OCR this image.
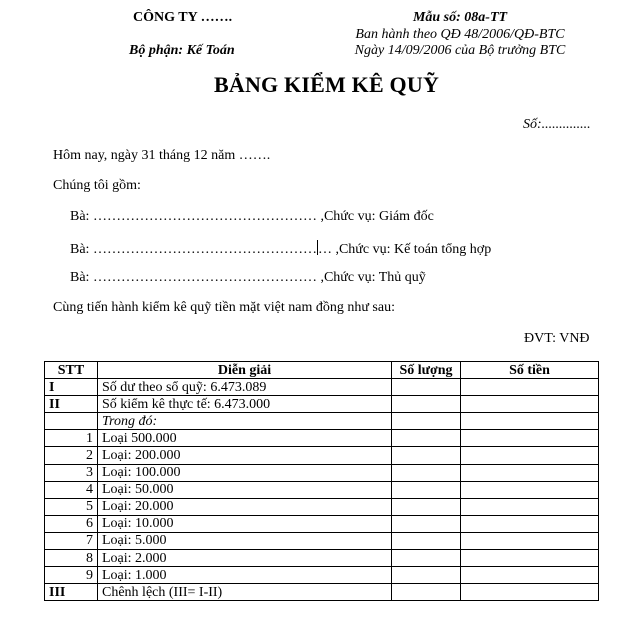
CÔNG TY …….
Bộ phận: Kế Toán
Mẫu số: 08a-TT
Ban hành theo QĐ 48/2006/QĐ-BTC
Ngày 14/09/2006 của Bộ trưởng BTC
BẢNG KIỂM KÊ QUỸ
Số:..............
Hôm nay, ngày 31 tháng 12 năm …….
Chúng tôi gồm:
Bà: ………………………………………… ,Chức vụ: Giám đốc
Bà: …………………………………………… ,Chức vụ: Kế toán tổng hợp
Bà: ………………………………………… ,Chức vụ: Thủ quỹ
Cùng tiến hành kiểm kê quỹ tiền mặt việt nam đồng như sau:
ĐVT: VNĐ
STT	Diễn giải	Số lượng	Số tiền
I	Số dư theo sổ quỹ: 6.473.089		
II	Số kiểm kê thực tế: 6.473.000		
	Trong đó:		
1	Loại 500.000		
2	Loại: 200.000		
3	Loại: 100.000		
4	Loại: 50.000		
5	Loại: 20.000		
6	Loại: 10.000		
7	Loại: 5.000		
8	Loại: 2.000		
9	Loại: 1.000		
III	Chênh lệch (III= I-II)		
